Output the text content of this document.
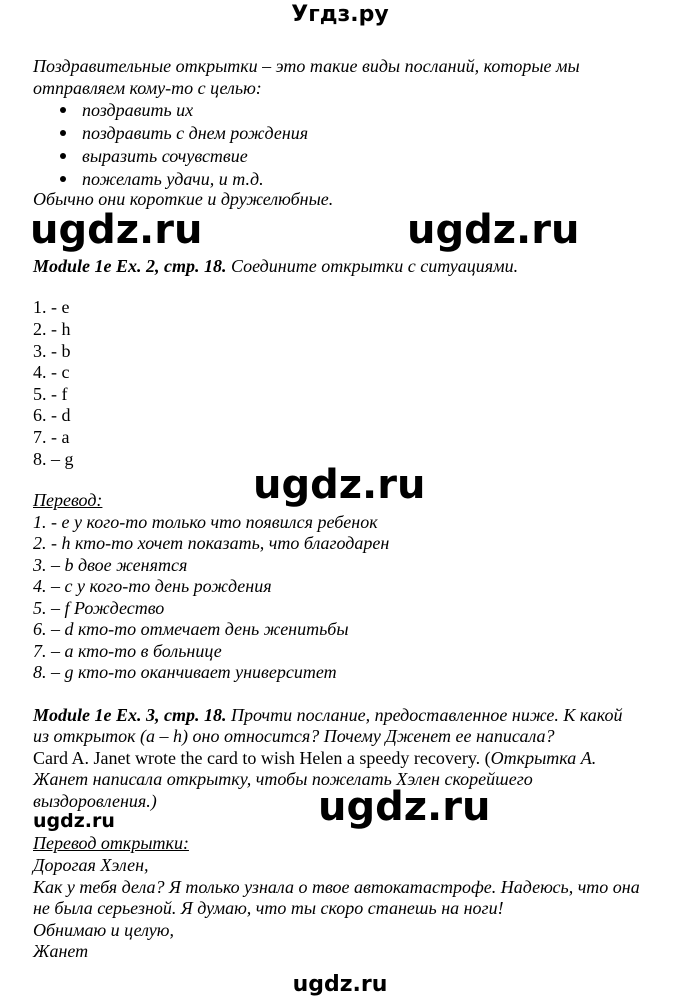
Угдз.ру
Поздравительные открытки – это такие виды посланий, которые мы
отправляем кому-то с целью:
поздравить их
поздравить с днем рождения
выразить сочувствие
пожелать удачи, и т.д.
Обычно они короткие и дружелюбные.
ugdz.ru	ugdz.ru
Module 1e Ex. 2, стр. 18. Соедините открытки с ситуациями.
1. - e
2. - h
3. - b
4. - c
5. - f
6. - d
7. - a
8. – g
ugdz.ru
Перевод:
1. - e у кого-то только что появился ребенок
2. - h кто-то хочет показать, что благодарен
3. – b двое женятся
4. – c у кого-то день рождения
5. – f Рождество
6. – d кто-то отмечает день женитьбы
7. – a кто-то в больнице
8. – g кто-то оканчивает университет
Module 1e Ex. 3, стр. 18. Прочти послание, предоставленное ниже. К какой
из открыток (a – h) оно относится? Почему Дженет ее написала?
Card A. Janet wrote the card to wish Helen a speedy recovery. (Открытка А.
Жанет написала открытку, чтобы пожелать Хэлен скорейшего
выздоровления.)	ugdz.ru
ugdz.ru
Перевод открытки:
Дорогая Хэлен,
Как у тебя дела? Я только узнала о твое автокатастрофе. Надеюсь, что она
не была серьезной. Я думаю, что ты скоро станешь на ноги!
Обнимаю и целую,
Жанет
ugdz.ru
